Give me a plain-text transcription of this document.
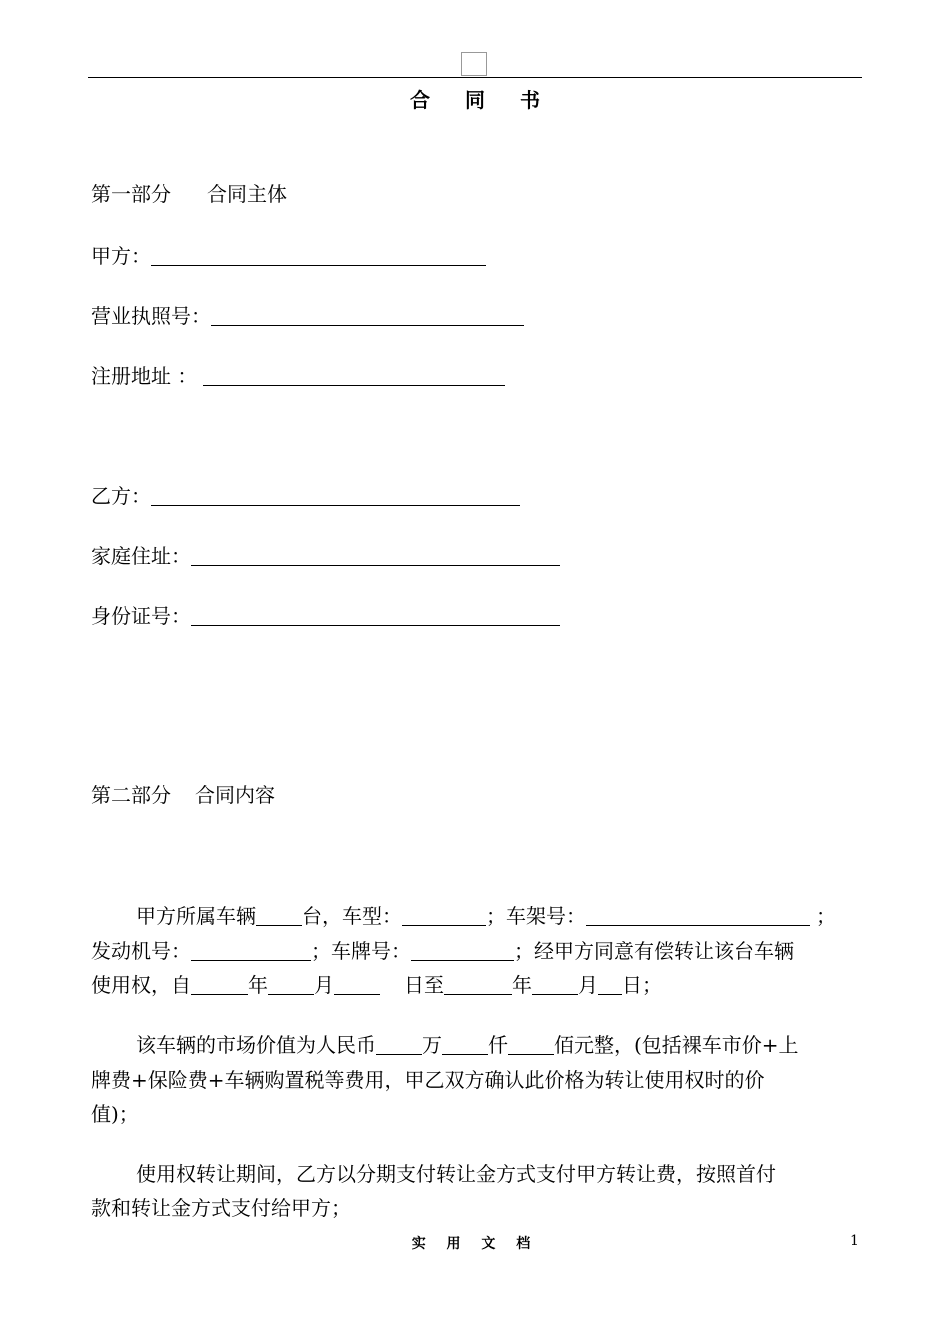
合 同 书
第一部分 合同主体
甲方：
营业执照号：
注册地址 ：
乙方：
家庭住址：
身份证号：
第二部分 合同内容
甲方所属车辆 台，车型：	；车架号：	；
发动机号：	；车牌号：	；经甲方同意有偿转让该台车辆
使用权，自	年 月	日至	年 月 日；
该车辆的市场价值为人民币 万 仟 佰元整，(包括裸车市价+上
牌费+保险费+车辆购置税等费用，甲乙双方确认此价格为转让使用权时的价
值)；
使用权转让期间，乙方以分期支付转让金方式支付甲方转让费，按照首付
款和转让金方式支付给甲方；
实 用 文 档	1
